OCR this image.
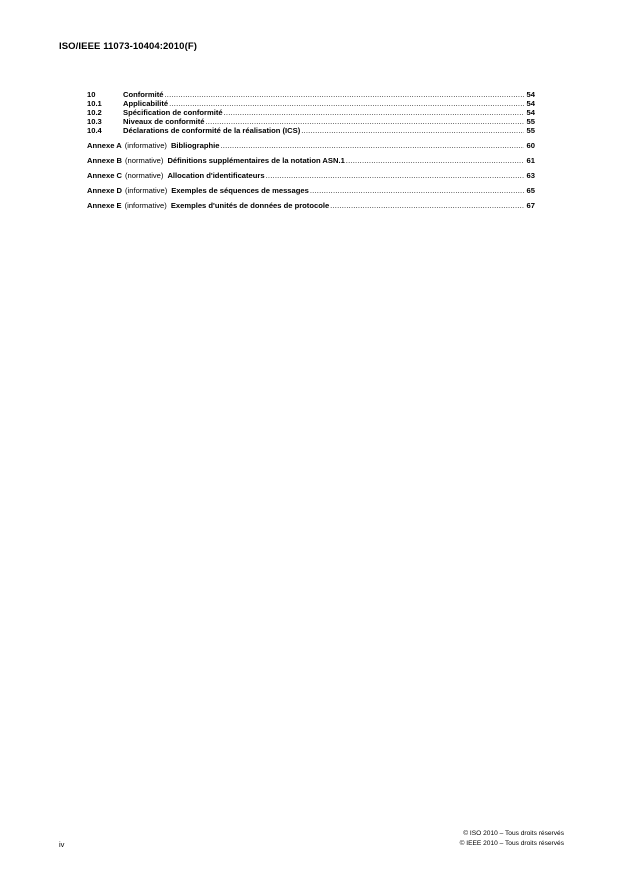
ISO/IEEE 11073-10404:2010(F)
10	Conformité .....	54
10.1	Applicabilité .....	54
10.2	Spécification de conformité .....	54
10.3	Niveaux de conformité .....	55
10.4	Déclarations de conformité de la réalisation (ICS) .....	55
Annexe A (informative) Bibliographie .....	60
Annexe B (normative) Définitions supplémentaires de la notation ASN.1 .....	61
Annexe C (normative) Allocation d'identificateurs .....	63
Annexe D (informative) Exemples de séquences de messages .....	65
Annexe E (informative) Exemples d'unités de données de protocole .....	67
iv
© ISO 2010 – Tous droits réservés
© IEEE 2010 – Tous droits réservés
